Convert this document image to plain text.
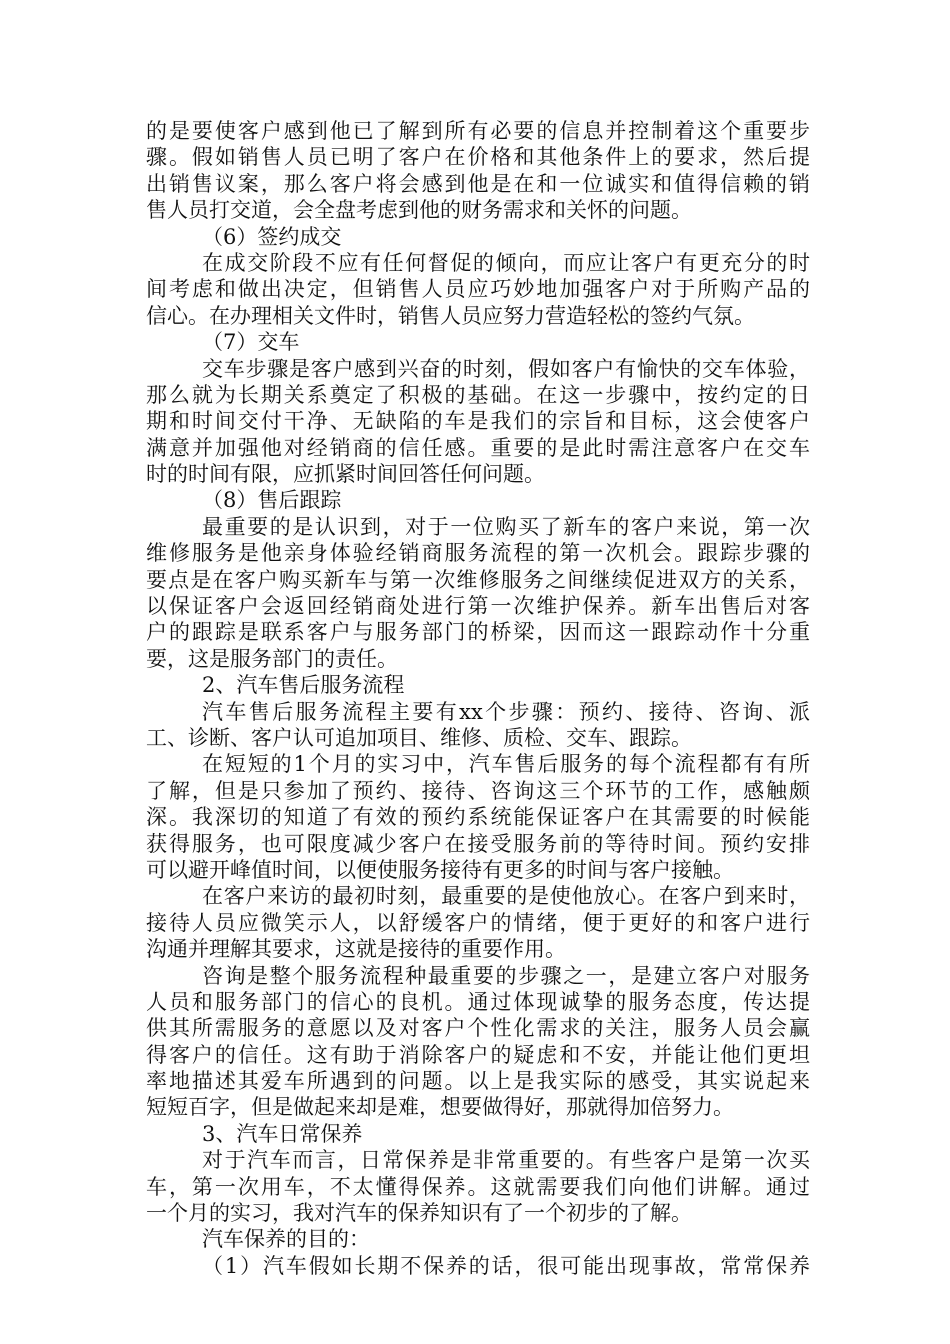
的是要使客户感到他已了解到所有必要的信息并控制着这个重要步
骤。假如销售人员已明了客户在价格和其他条件上的要求，然后提
出销售议案，那么客户将会感到他是在和一位诚实和值得信赖的销
售人员打交道，会全盘考虑到他的财务需求和关怀的问题。
（6）签约成交
在成交阶段不应有任何督促的倾向，而应让客户有更充分的时
间考虑和做出决定，但销售人员应巧妙地加强客户对于所购产品的
信心。在办理相关文件时，销售人员应努力营造轻松的签约气氛。
（7）交车
交车步骤是客户感到兴奋的时刻，假如客户有愉快的交车体验，
那么就为长期关系奠定了积极的基础。在这一步骤中，按约定的日
期和时间交付干净、无缺陷的车是我们的宗旨和目标，这会使客户
满意并加强他对经销商的信任感。重要的是此时需注意客户在交车
时的时间有限，应抓紧时间回答任何问题。
（8）售后跟踪
最重要的是认识到，对于一位购买了新车的客户来说，第一次
维修服务是他亲身体验经销商服务流程的第一次机会。跟踪步骤的
要点是在客户购买新车与第一次维修服务之间继续促进双方的关系，
以保证客户会返回经销商处进行第一次维护保养。新车出售后对客
户的跟踪是联系客户与服务部门的桥梁，因而这一跟踪动作十分重
要，这是服务部门的责任。
2、汽车售后服务流程
汽车售后服务流程主要有xx个步骤：预约、接待、咨询、派
工、诊断、客户认可追加项目、维修、质检、交车、跟踪。
在短短的1个月的实习中，汽车售后服务的每个流程都有有所
了解，但是只参加了预约、接待、咨询这三个环节的工作，感触颇
深。我深切的知道了有效的预约系统能保证客户在其需要的时候能
获得服务，也可限度减少客户在接受服务前的等待时间。预约安排
可以避开峰值时间，以便使服务接待有更多的时间与客户接触。
在客户来访的最初时刻，最重要的是使他放心。在客户到来时，
接待人员应微笑示人，以舒缓客户的情绪，便于更好的和客户进行
沟通并理解其要求，这就是接待的重要作用。
咨询是整个服务流程种最重要的步骤之一，是建立客户对服务
人员和服务部门的信心的良机。通过体现诚挚的服务态度，传达提
供其所需服务的意愿以及对客户个性化需求的关注，服务人员会赢
得客户的信任。这有助于消除客户的疑虑和不安，并能让他们更坦
率地描述其爱车所遇到的问题。以上是我实际的感受，其实说起来
短短百字，但是做起来却是难，想要做得好，那就得加倍努力。
3、汽车日常保养
对于汽车而言，日常保养是非常重要的。有些客户是第一次买
车，第一次用车，不太懂得保养。这就需要我们向他们讲解。通过
一个月的实习，我对汽车的保养知识有了一个初步的了解。
汽车保养的目的：
（1）汽车假如长期不保养的话，很可能出现事故，常常保养
